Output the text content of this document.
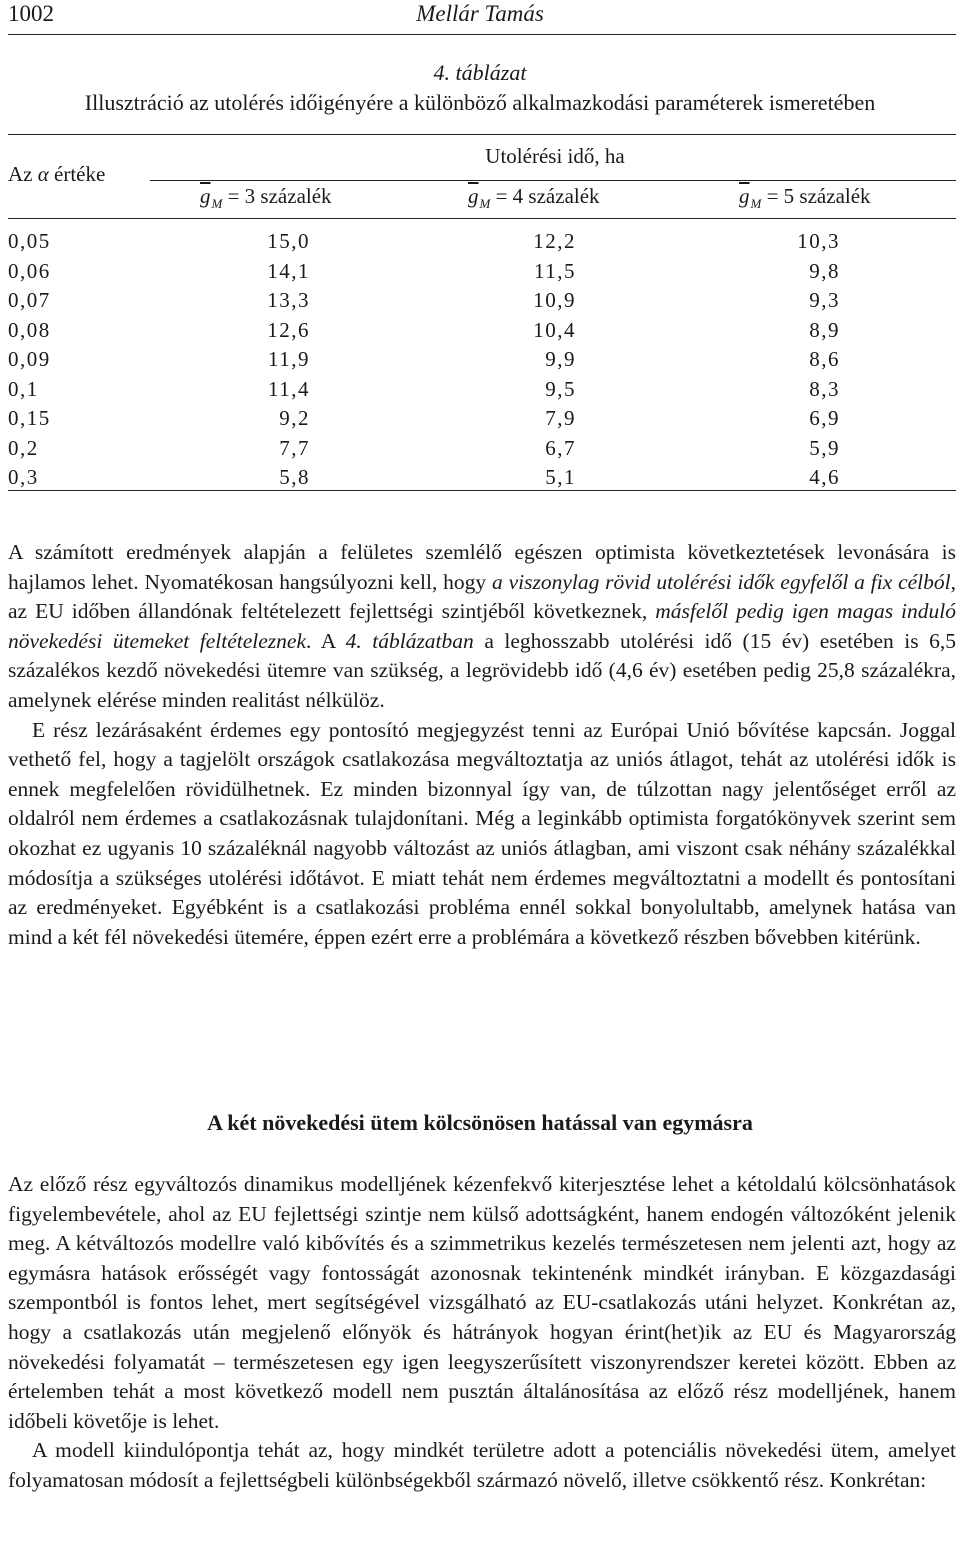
1002	Mellár Tamás
4. táblázat
Illusztráció az utolérés időigényére a különböző alkalmazkodási paraméterek ismeretében
Az α értéke
Utolérési idő, ha
$\overline{g}_M = 3$ százalék	$\overline{g}_M = 4$ százalék	$\overline{g}_M = 5$ százalék
0,05	15,0	12,2	10,3
0,06	14,1	11,5	9,8
0,07	13,3	10,9	9,3
0,08	12,6	10,4	8,9
0,09	11,9	9,9	8,6
0,1	11,4	9,5	8,3
0,15	9,2	7,9	6,9
0,2	7,7	6,7	5,9
0,3	5,8	5,1	4,6

A számított eredmények alapján a felületes szemlélő egészen optimista következtetések levonására is hajlamos lehet. Nyomatékosan hangsúlyozni kell, hogy a viszonylag rövid utolérési idők egyfelől a fix célból, az EU időben állandónak feltételezett fejlettségi szintjéből következnek, másfelől pedig igen magas induló növekedési ütemeket feltételeznek. A 4. táblázatban a leghosszabb utolérési idő (15 év) esetében is 6,5 százalékos kezdő növekedési ütemre van szükség, a legrövidebb idő (4,6 év) esetében pedig 25,8 százalékra, amelynek elérése minden realitást nélkülöz.

E rész lezárásaként érdemes egy pontosító megjegyzést tenni az Európai Unió bővítése kapcsán. Joggal vethető fel, hogy a tagjelölt országok csatlakozása megváltoztatja az uniós átlagot, tehát az utolérési idők is ennek megfelelően rövidülhetnek. Ez minden bizonnyal így van, de túlzottan nagy jelentőséget erről az oldalról nem érdemes a csatlakozásnak tulajdonítani. Még a leginkább optimista forgatókönyvek szerint sem okozhat ez ugyanis 10 százaléknál nagyobb változást az uniós átlagban, ami viszont csak néhány százalékkal módosítja a szükséges utolérési időtávot. E miatt tehát nem érdemes megváltoztatni a modellt és pontosítani az eredményeket. Egyébként is a csatlakozási probléma ennél sokkal bonyolultabb, amelynek hatása van mind a két fél növekedési ütemére, éppen ezért erre a problémára a következő részben bővebben kitérünk.

A két növekedési ütem kölcsönösen hatással van egymásra

Az előző rész egyváltozós dinamikus modelljének kézenfekvő kiterjesztése lehet a kétoldalú kölcsönhatások figyelembevétele, ahol az EU fejlettségi szintje nem külső adottságként, hanem endogén változóként jelenik meg. A kétváltozós modellre való kibővítés és a szimmetrikus kezelés természetesen nem jelenti azt, hogy az egymásra hatások erősségét vagy fontosságát azonosnak tekintenénk mindkét irányban. E közgazdasági szempontból is fontos lehet, mert segítségével vizsgálható az EU-csatlakozás utáni helyzet. Konkrétan az, hogy a csatlakozás után megjelenő előnyök és hátrányok hogyan érint(het)ik az EU és Magyarország növekedési folyamatát – természetesen egy igen leegyszerűsített viszonyrendszer keretei között. Ebben az értelemben tehát a most következő modell nem pusztán általánosítása az előző rész modelljének, hanem időbeli követője is lehet.

A modell kiindulópontja tehát az, hogy mindkét területre adott a potenciális növekedési ütem, amelyet folyamatosan módosít a fejlettségbeli különbségekből származó növelő, illetve csökkentő rész. Konkrétan:
